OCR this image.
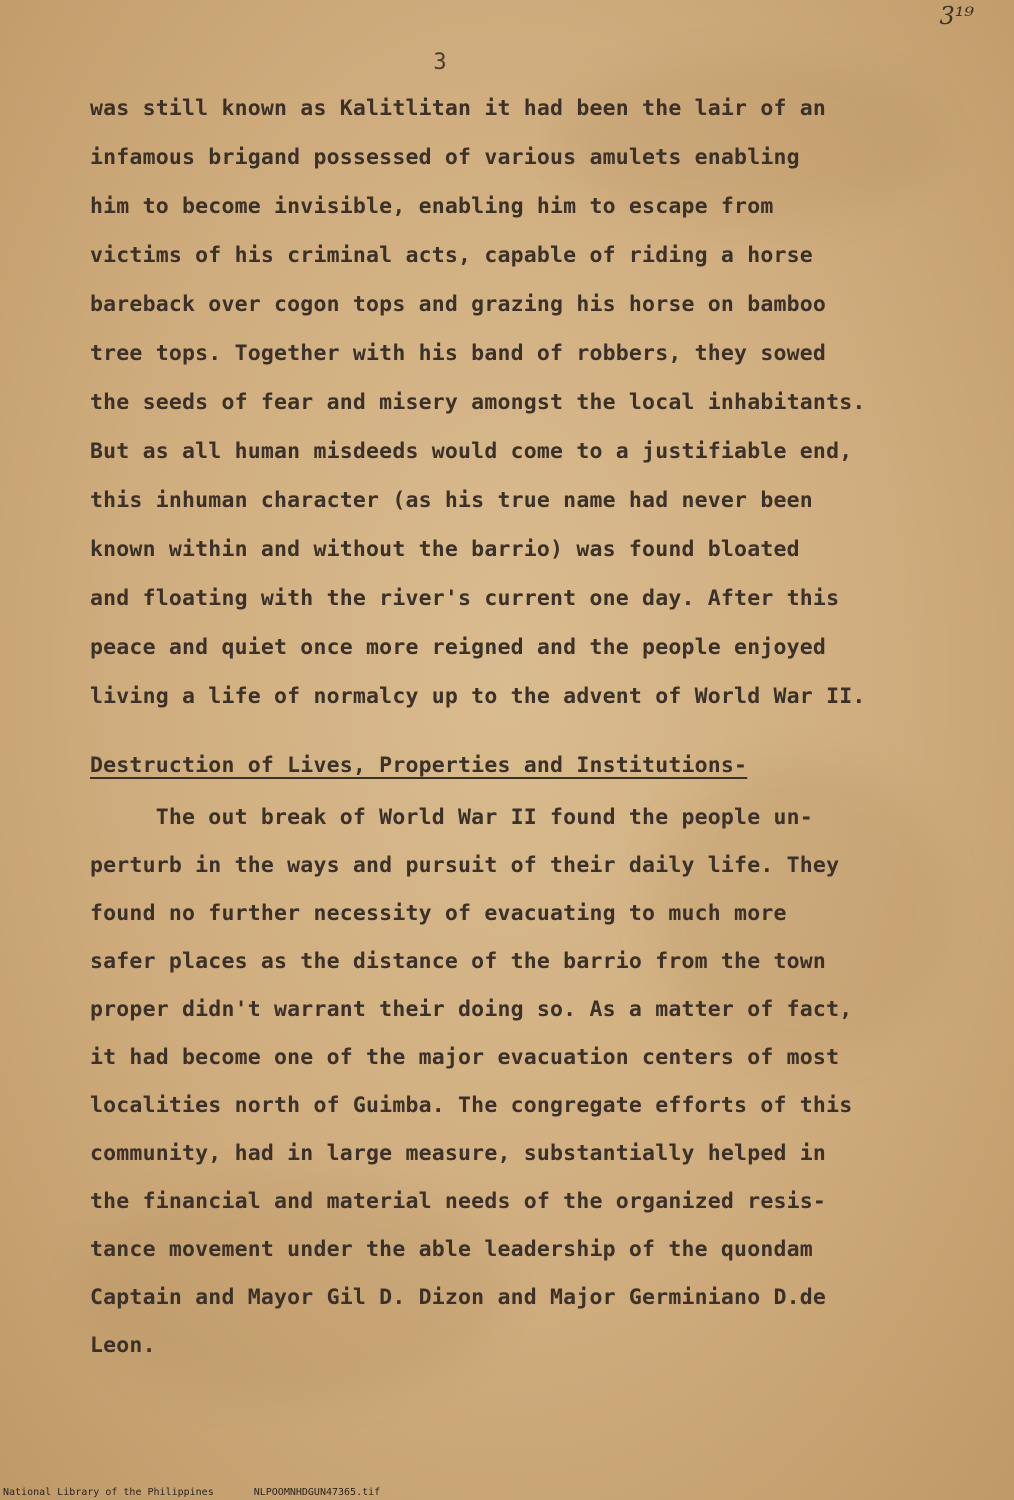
3¹⁹
3
was still known as Kalitlitan it had been the lair of an
infamous brigand possessed of various amulets enabling
him to become invisible, enabling him to escape from
victims of his criminal acts, capable of riding a horse
bareback over cogon tops and grazing his horse on bamboo
tree tops. Together with his band of robbers, they sowed
the seeds of fear and misery amongst the local inhabitants.
But as all human misdeeds would come to a justifiable end,
this inhuman character (as his true name had never been
known within and without the barrio) was found bloated
and floating with the river's current one day. After this
peace and quiet once more reigned and the people enjoyed
living a life of normalcy up to the advent of World War II.
Destruction of Lives, Properties and Institutions-
The out break of World War II found the people un-
perturb in the ways and pursuit of their daily life. They
found no further necessity of evacuating to much more
safer places as the distance of the barrio from the town
proper didn't warrant their doing so. As a matter of fact,
it had become one of the major evacuation centers of most
localities north of Guimba. The congregate efforts of this
community, had in large measure, substantially helped in
the financial and material needs of the organized resis-
tance movement under the able leadership of the quondam
Captain and Mayor Gil D. Dizon and Major Germiniano D.de
Leon.
National Library of the Philippines	NLPOOMNHDGUN47365.tif
